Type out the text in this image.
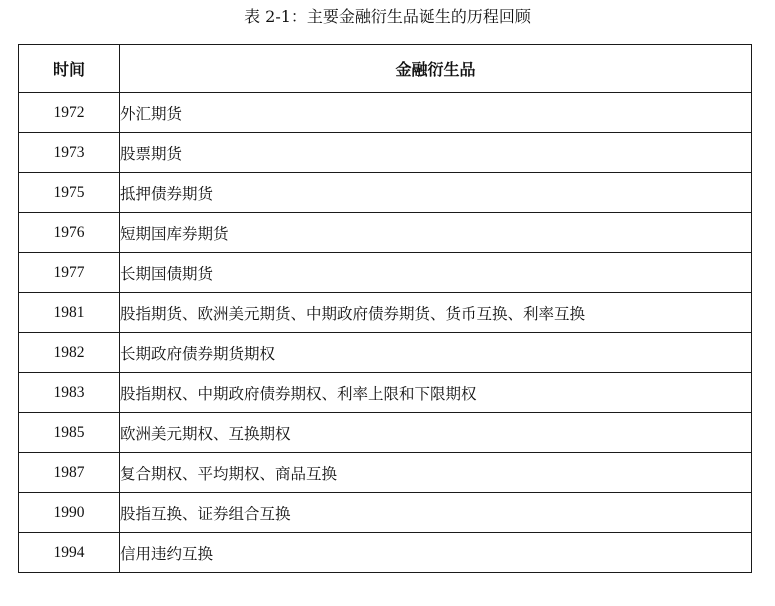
表 2-1：主要金融衍生品诞生的历程回顾
时间	金融衍生品
1972	外汇期货
1973	股票期货
1975	抵押债券期货
1976	短期国库券期货
1977	长期国债期货
1981	股指期货、欧洲美元期货、中期政府债券期货、货币互换、利率互换
1982	长期政府债券期货期权
1983	股指期权、中期政府债券期权、利率上限和下限期权
1985	欧洲美元期权、互换期权
1987	复合期权、平均期权、商品互换
1990	股指互换、证券组合互换
1994	信用违约互换
